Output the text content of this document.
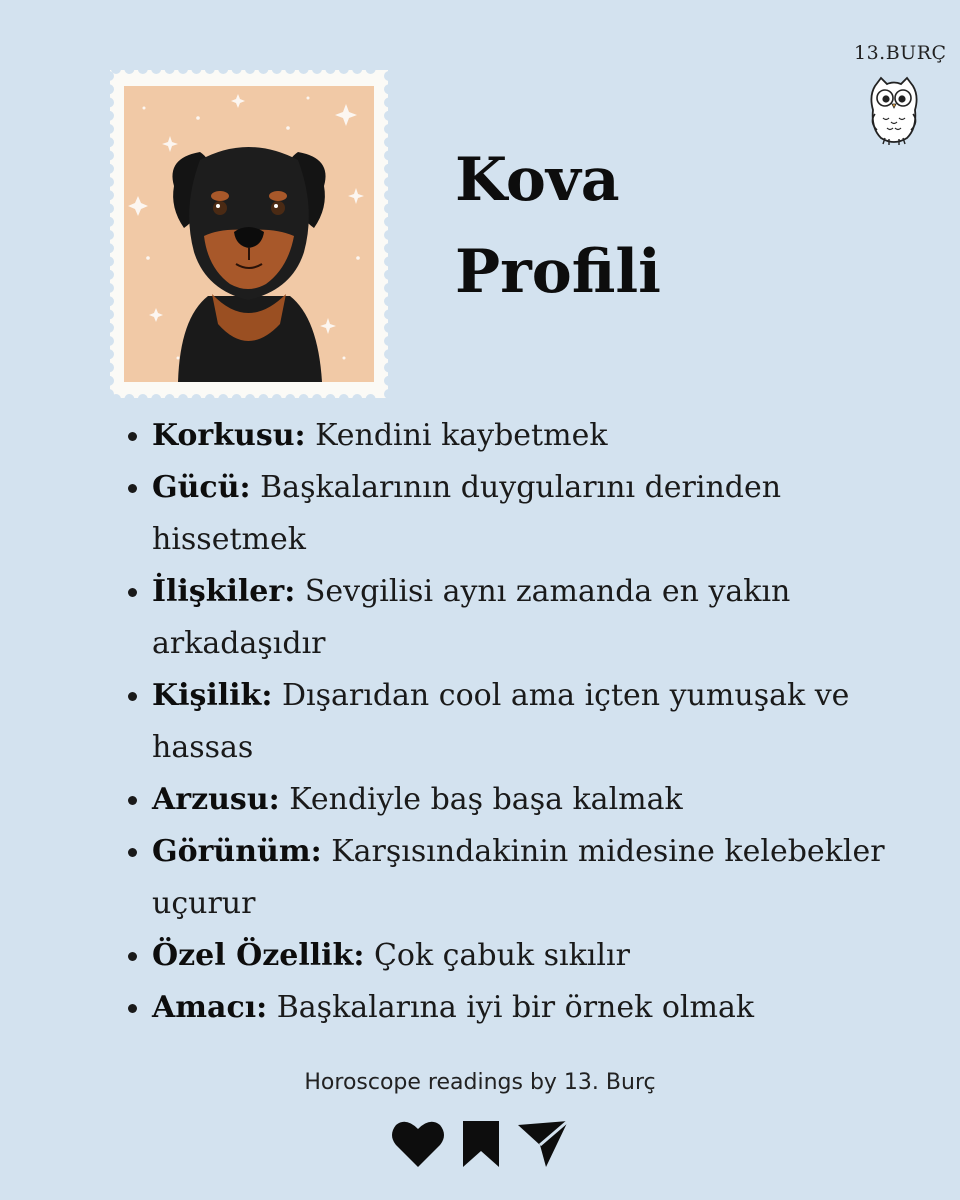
13.BURÇ
Kova
Profili
Korkusu: Kendini kaybetmek
Gücü: Başkalarının duygularını derinden hissetmek
İlişkiler: Sevgilisi aynı zamanda en yakın arkadaşıdır
Kişilik: Dışarıdan cool ama içten yumuşak ve hassas
Arzusu: Kendiyle baş başa kalmak
Görünüm: Karşısındakinin midesine kelebekler uçurur
Özel Özellik: Çok çabuk sıkılır
Amacı: Başkalarına iyi bir örnek olmak
Horoscope readings by 13. Burç
